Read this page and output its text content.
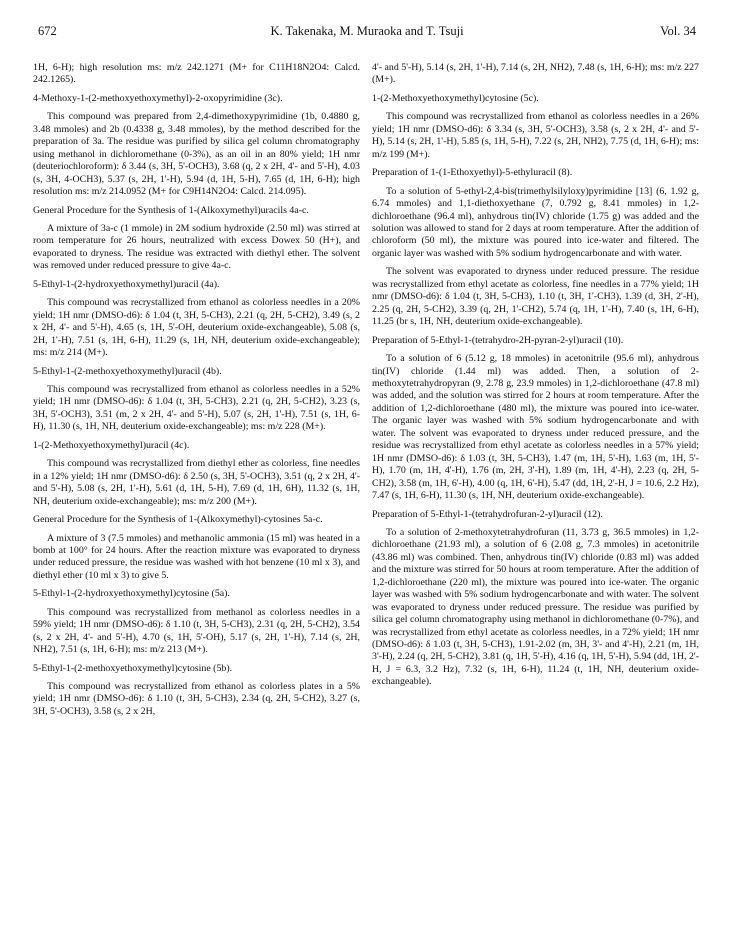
672	K. Takenaka, M. Muraoka and T. Tsuji	Vol. 34

1H, 6-H); high resolution ms: m/z 242.1271 (M+ for C11H18N2O4: Calcd. 242.1265).

4-Methoxy-1-(2-methoxyethoxymethyl)-2-oxopyrimidine (3c).

This compound was prepared from 2,4-dimethoxypyrimidine (1b, 0.4880 g, 3.48 mmoles) and 2b (0.4338 g, 3.48 mmoles), by the method described for the preparation of 3a. The residue was purified by silica gel column chromatography using methanol in dichloromethane (0-3%), as an oil in an 80% yield; 1H nmr (deuteriochloroform): δ 3.44 (s, 3H, 5'-OCH3), 3.68 (q, 2 x 2H, 4'- and 5'-H), 4.03 (s, 3H, 4-OCH3), 5.37 (s, 2H, 1'-H), 5.94 (d, 1H, 5-H), 7.65 (d, 1H, 6-H); high resolution ms: m/z 214.0952 (M+ for C9H14N2O4: Calcd. 214.095).

General Procedure for the Synthesis of 1-(Alkoxymethyl)uracils 4a-c.

A mixture of 3a-c (1 mmole) in 2M sodium hydroxide (2.50 ml) was stirred at room temperature for 26 hours, neutralized with excess Dowex 50 (H+), and evaporated to dryness. The residue was extracted with diethyl ether. The solvent was removed under reduced pressure to give 4a-c.

5-Ethyl-1-(2-hydroxyethoxymethyl)uracil (4a).

This compound was recrystallized from ethanol as colorless needles in a 20% yield; 1H nmr (DMSO-d6): δ 1.04 (t, 3H, 5-CH3), 2.21 (q, 2H, 5-CH2), 3.49 (s, 2 x 2H, 4'- and 5'-H), 4.65 (s, 1H, 5'-OH, deuterium oxide-exchangeable), 5.08 (s, 2H, 1'-H), 7.51 (s, 1H, 6-H), 11.29 (s, 1H, NH, deuterium oxide-exchangeable); ms: m/z 214 (M+).

5-Ethyl-1-(2-methoxyethoxymethyl)uracil (4b).

This compound was recrystallized from ethanol as colorless needles in a 52% yield; 1H nmr (DMSO-d6): δ 1.04 (t, 3H, 5-CH3), 2.21 (q, 2H, 5-CH2), 3.23 (s, 3H, 5'-OCH3), 3.51 (m, 2 x 2H, 4'- and 5'-H), 5.07 (s, 2H, 1'-H), 7.51 (s, 1H, 6-H), 11.30 (s, 1H, NH, deuterium oxide-exchangeable); ms: m/z 228 (M+).

1-(2-Methoxyethoxymethyl)uracil (4c).

This compound was recrystallized from diethyl ether as colorless, fine needles in a 12% yield; 1H nmr (DMSO-d6): δ 2.50 (s, 3H, 5'-OCH3), 3.51 (q, 2 x 2H, 4'- and 5'-H), 5.08 (s, 2H, 1'-H), 5.61 (d, 1H, 5-H), 7.69 (d, 1H, 6H), 11.32 (s, 1H, NH, deuterium oxide-exchangeable); ms: m/z 200 (M+).

General Procedure for the Synthesis of 1-(Alkoxymethyl)-cytosines 5a-c.

A mixture of 3 (7.5 mmoles) and methanolic ammonia (15 ml) was heated in a bomb at 100° for 24 hours. After the reaction mixture was evaporated to dryness under reduced pressure, the residue was washed with hot benzene (10 ml x 3), and diethyl ether (10 ml x 3) to give 5.

5-Ethyl-1-(2-hydroxyethoxymethyl)cytosine (5a).

This compound was recrystallized from methanol as colorless needles in a 59% yield; 1H nmr (DMSO-d6): δ 1.10 (t, 3H, 5-CH3), 2.31 (q, 2H, 5-CH2), 3.54 (s, 2 x 2H, 4'- and 5'-H), 4.70 (s, 1H, 5'-OH), 5.17 (s, 2H, 1'-H), 7.14 (s, 2H, NH2), 7.51 (s, 1H, 6-H); ms: m/z 213 (M+).

5-Ethyl-1-(2-methoxyethoxymethyl)cytosine (5b).

This compound was recrystallized from ethanol as colorless plates in a 5% yield; 1H nmr (DMSO-d6): δ 1.10 (t, 3H, 5-CH3), 2.34 (q, 2H, 5-CH2), 3.27 (s, 3H, 5'-OCH3), 3.58 (s, 2 x 2H,

4'- and 5'-H), 5.14 (s, 2H, 1'-H), 7.14 (s, 2H, NH2), 7.48 (s, 1H, 6-H); ms: m/z 227 (M+).

1-(2-Methoxyethoxymethyl)cytosine (5c).

This compound was recrystallized from ethanol as colorless needles in a 26% yield; 1H nmr (DMSO-d6): δ 3.34 (s, 3H, 5'-OCH3), 3.58 (s, 2 x 2H, 4'- and 5'-H), 5.14 (s, 2H, 1'-H), 5.85 (s, 1H, 5-H), 7.22 (s, 2H, NH2), 7.75 (d, 1H, 6-H); ms: m/z 199 (M+).

Preparation of 1-(1-Ethoxyethyl)-5-ethyluracil (8).

To a solution of 5-ethyl-2,4-bis(trimethylsilyloxy)pyrimidine [13] (6, 1.92 g, 6.74 mmoles) and 1,1-diethoxyethane (7, 0.792 g, 8.41 mmoles) in 1,2-dichloroethane (96.4 ml), anhydrous tin(IV) chloride (1.75 g) was added and the solution was allowed to stand for 2 days at room temperature. After the addition of chloroform (50 ml), the mixture was poured into ice-water and filtered. The organic layer was washed with 5% sodium hydrogencarbonate and with water.

The solvent was evaporated to dryness under reduced pressure. The residue was recrystallized from ethyl acetate as colorless, fine needles in a 77% yield; 1H nmr (DMSO-d6): δ 1.04 (t, 3H, 5-CH3), 1.10 (t, 3H, 1'-CH3), 1.39 (d, 3H, 2'-H), 2.25 (q, 2H, 5-CH2), 3.39 (q, 2H, 1'-CH2), 5.74 (q, 1H, 1'-H), 7.40 (s, 1H, 6-H), 11.25 (br s, 1H, NH, deuterium oxide-exchangeable).

Preparation of 5-Ethyl-1-(tetrahydro-2H-pyran-2-yl)uracil (10).

To a solution of 6 (5.12 g, 18 mmoles) in acetonitrile (95.6 ml), anhydrous tin(IV) chloride (1.44 ml) was added. Then, a solution of 2-methoxytetrahydropyran (9, 2.78 g, 23.9 mmoles) in 1,2-dichloroethane (47.8 ml) was added, and the solution was stirred for 2 hours at room temperature. After the addition of 1,2-dichloroethane (480 ml), the mixture was poured into ice-water. The organic layer was washed with 5% sodium hydrogencarbonate and with water. The solvent was evaporated to dryness under reduced pressure, and the residue was recrystallized from ethyl acetate as colorless needles in a 57% yield; 1H nmr (DMSO-d6): δ 1.03 (t, 3H, 5-CH3), 1.47 (m, 1H, 5'-H), 1.63 (m, 1H, 5'-H), 1.70 (m, 1H, 4'-H), 1.76 (m, 2H, 3'-H), 1.89 (m, 1H, 4'-H), 2.23 (q, 2H, 5-CH2), 3.58 (m, 1H, 6'-H), 4.00 (q, 1H, 6'-H), 5.47 (dd, 1H, 2'-H, J = 10.6, 2.2 Hz), 7.47 (s, 1H, 6-H), 11.30 (s, 1H, NH, deuterium oxide-exchangeable).

Preparation of 5-Ethyl-1-(tetrahydrofuran-2-yl)uracil (12).

To a solution of 2-methoxytetrahydrofuran (11, 3.73 g, 36.5 mmoles) in 1,2-dichloroethane (21.93 ml), a solution of 6 (2.08 g, 7.3 mmoles) in acetonitrile (43.86 ml) was combined. Then, anhydrous tin(IV) chloride (0.83 ml) was added and the mixture was stirred for 50 hours at room temperature. After the addition of 1,2-dichloroethane (220 ml), the mixture was poured into ice-water. The organic layer was washed with 5% sodium hydrogencarbonate and with water. The solvent was evaporated to dryness under reduced pressure. The residue was purified by silica gel column chromatography using methanol in dichloromethane (0-7%), and was recrystallized from ethyl acetate as colorless needles, in a 72% yield; 1H nmr (DMSO-d6): δ 1.03 (t, 3H, 5-CH3), 1.91-2.02 (m, 3H, 3'- and 4'-H), 2.21 (m, 1H, 3'-H), 2.24 (q, 2H, 5-CH2), 3.81 (q, 1H, 5'-H), 4.16 (q, 1H, 5'-H), 5.94 (dd, 1H, 2'-H, J = 6.3, 3.2 Hz), 7.32 (s, 1H, 6-H), 11.24 (t, 1H, NH, deuterium oxide-exchangeable).
